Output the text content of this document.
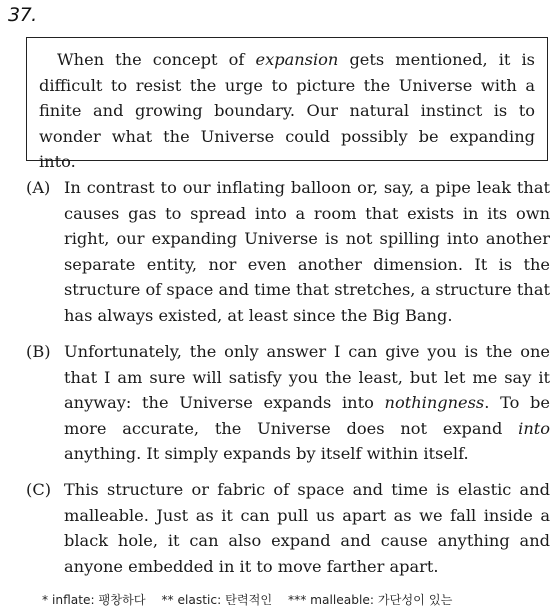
37.
When the concept of expansion gets mentioned, it is difficult to resist the urge to picture the Universe with a finite and growing boundary. Our natural instinct is to wonder what the Universe could possibly be expanding into.
(A) In contrast to our inflating balloon or, say, a pipe leak that causes gas to spread into a room that exists in its own right, our expanding Universe is not spilling into another separate entity, nor even another dimension. It is the structure of space and time that stretches, a structure that has always existed, at least since the Big Bang.
(B) Unfortunately, the only answer I can give you is the one that I am sure will satisfy you the least, but let me say it anyway: the Universe expands into nothingness. To be more accurate, the Universe does not expand into anything. It simply expands by itself within itself.
(C) This structure or fabric of space and time is elastic and malleable. Just as it can pull us apart as we fall inside a black hole, it can also expand and cause anything and anyone embedded in it to move farther apart.
* inflate: 팽창하다 ** elastic: 탄력적인 *** malleable: 가단성이 있는
